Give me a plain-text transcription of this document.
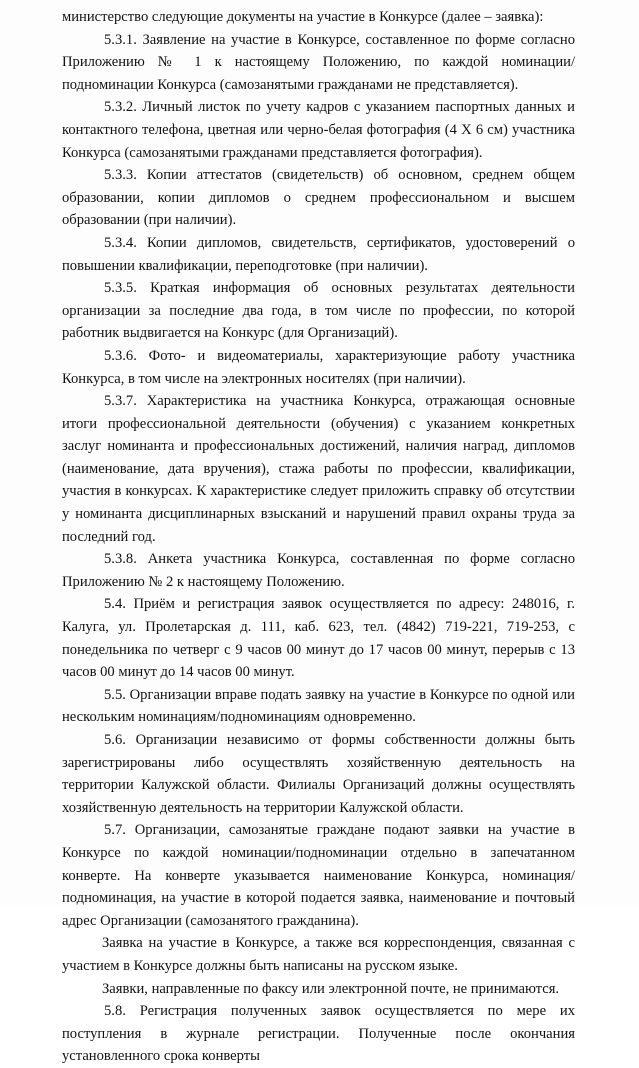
министерство следующие документы на участие в Конкурсе (далее – заявка):

5.3.1. Заявление на участие в Конкурсе, составленное по форме согласно Приложению № 1 к настоящему Положению, по каждой номинации/подноминации Конкурса (самозанятыми гражданами не представляется).

5.3.2. Личный листок по учету кадров с указанием паспортных данных и контактного телефона, цветная или черно-белая фотография (4 Х 6 см) участника Конкурса (самозанятыми гражданами представляется фотография).

5.3.3. Копии аттестатов (свидетельств) об основном, среднем общем образовании, копии дипломов о среднем профессиональном и высшем образовании (при наличии).

5.3.4. Копии дипломов, свидетельств, сертификатов, удостоверений о повышении квалификации, переподготовке (при наличии).

5.3.5. Краткая информация об основных результатах деятельности организации за последние два года, в том числе по профессии, по которой работник выдвигается на Конкурс (для Организаций).

5.3.6. Фото- и видеоматериалы, характеризующие работу участника Конкурса, в том числе на электронных носителях (при наличии).

5.3.7. Характеристика на участника Конкурса, отражающая основные итоги профессиональной деятельности (обучения) с указанием конкретных заслуг номинанта и профессиональных достижений, наличия наград, дипломов (наименование, дата вручения), стажа работы по профессии, квалификации, участия в конкурсах. К характеристике следует приложить справку об отсутствии у номинанта дисциплинарных взысканий и нарушений правил охраны труда за последний год.

5.3.8. Анкета участника Конкурса, составленная по форме согласно Приложению № 2 к настоящему Положению.

5.4. Приём и регистрация заявок осуществляется по адресу: 248016, г. Калуга, ул. Пролетарская д. 111, каб. 623, тел. (4842) 719-221, 719-253, с понедельника по четверг с 9 часов 00 минут до 17 часов 00 минут, перерыв с 13 часов 00 минут до 14 часов 00 минут.

5.5. Организации вправе подать заявку на участие в Конкурсе по одной или нескольким номинациям/подноминациям одновременно.

5.6. Организации независимо от формы собственности должны быть зарегистрированы либо осуществлять хозяйственную деятельность на территории Калужской области. Филиалы Организаций должны осуществлять хозяйственную деятельность на территории Калужской области.

5.7. Организации, самозанятые граждане подают заявки на участие в Конкурсе по каждой номинации/подноминации отдельно в запечатанном конверте. На конверте указывается наименование Конкурса, номинация/подноминация, на участие в которой подается заявка, наименование и почтовый адрес Организации (самозанятого гражданина).

Заявка на участие в Конкурсе, а также вся корреспонденция, связанная с участием в Конкурсе должны быть написаны на русском языке.

Заявки, направленные по факсу или электронной почте, не принимаются.

5.8. Регистрация полученных заявок осуществляется по мере их поступления в журнале регистрации. Полученные после окончания установленного срока конверты
